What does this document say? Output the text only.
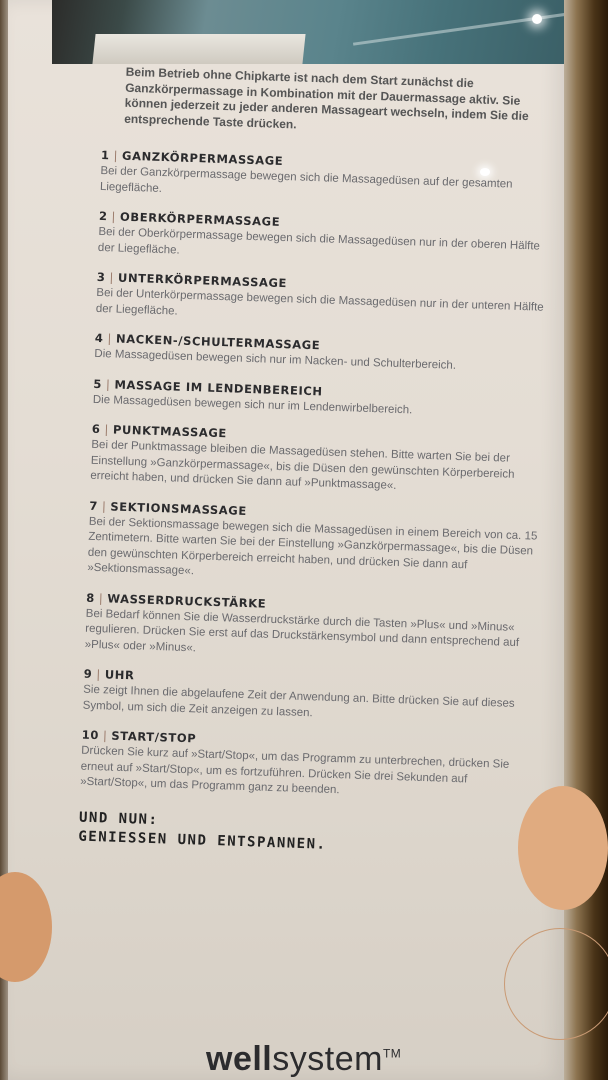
Beim Betrieb ohne Chipkarte ist nach dem Start zunächst die Ganzkörpermassage in Kombination mit der Dauermassage aktiv. Sie können jederzeit zu jeder anderen Massageart wechseln, indem Sie die entsprechende Taste drücken.

1 | GANZKÖRPERMASSAGE
Bei der Ganzkörpermassage bewegen sich die Massagedüsen auf der gesamten Liegefläche.
2 | OBERKÖRPERMASSAGE
Bei der Oberkörpermassage bewegen sich die Massagedüsen nur in der oberen Hälfte der Liegefläche.
3 | UNTERKÖRPERMASSAGE
Bei der Unterkörpermassage bewegen sich die Massagedüsen nur in der unteren Hälfte der Liegefläche.
4 | NACKEN-/SCHULTERMASSAGE
Die Massagedüsen bewegen sich nur im Nacken- und Schulterbereich.
5 | MASSAGE IM LENDENBEREICH
Die Massagedüsen bewegen sich nur im Lendenwirbelbereich.
6 | PUNKTMASSAGE
Bei der Punktmassage bleiben die Massagedüsen stehen. Bitte warten Sie bei der Einstellung »Ganzkörpermassage«, bis die Düsen den gewünschten Körperbereich erreicht haben, und drücken Sie dann auf »Punktmassage«.
7 | SEKTIONSMASSAGE
Bei der Sektionsmassage bewegen sich die Massagedüsen in einem Bereich von ca. 15 Zentimetern. Bitte warten Sie bei der Einstellung »Ganzkörpermassage«, bis die Düsen den gewünschten Körperbereich erreicht haben, und drücken Sie dann auf »Sektionsmassage«.
8 | WASSERDRUCKSTÄRKE
Bei Bedarf können Sie die Wasserdruckstärke durch die Tasten »Plus« und »Minus« regulieren. Drücken Sie erst auf das Druckstärkensymbol und dann entsprechend auf »Plus« oder »Minus«.
9 | UHR
Sie zeigt Ihnen die abgelaufene Zeit der Anwendung an. Bitte drücken Sie auf dieses Symbol, um sich die Zeit anzeigen zu lassen.
10 | START/STOP
Drücken Sie kurz auf »Start/Stop«, um das Programm zu unterbrechen, drücken Sie erneut auf »Start/Stop«, um es fortzuführen. Drücken Sie drei Sekunden auf »Start/Stop«, um das Programm ganz zu beenden.
UND NUN:
GENIESSEN UND ENTSPANNEN.
wellsystem™
